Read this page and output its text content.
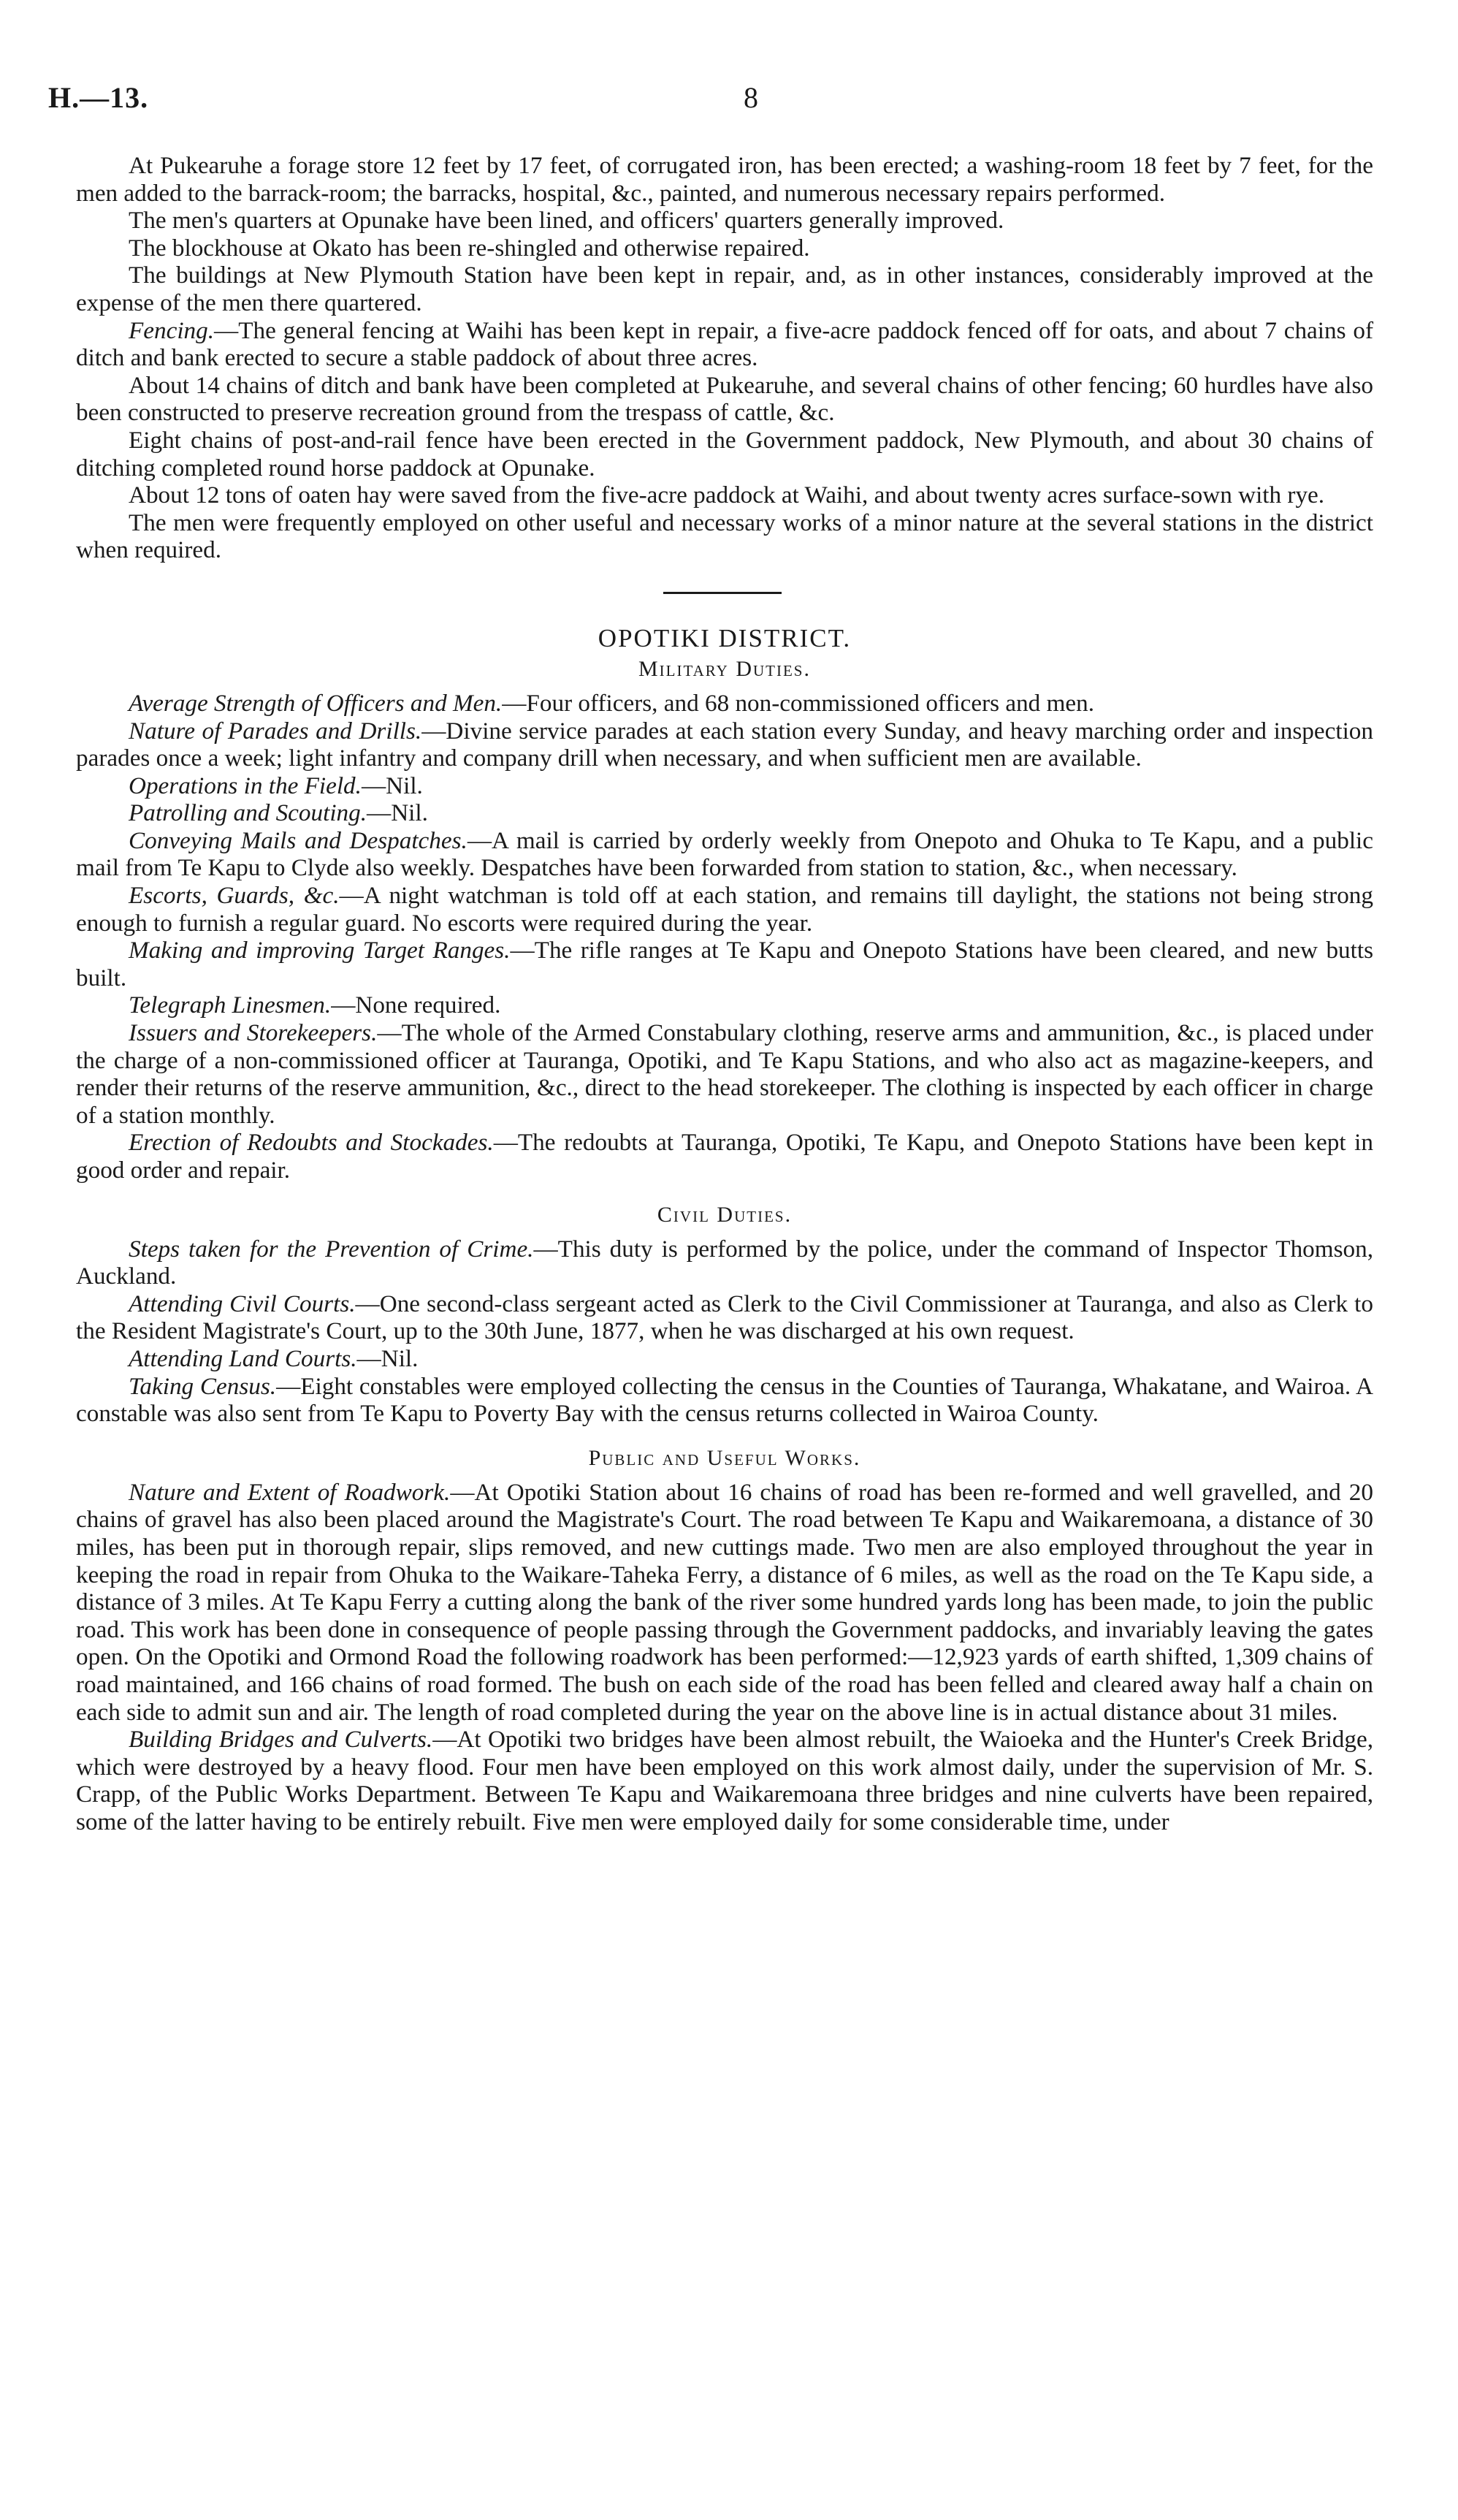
H.—13.	8

At Pukearuhe a forage store 12 feet by 17 feet, of corrugated iron, has been erected; a washing-room 18 feet by 7 feet, for the men added to the barrack-room; the barracks, hospital, &c., painted, and numerous necessary repairs performed.

The men's quarters at Opunake have been lined, and officers' quarters generally improved.

The blockhouse at Okato has been re-shingled and otherwise repaired.

The buildings at New Plymouth Station have been kept in repair, and, as in other instances, considerably improved at the expense of the men there quartered.

Fencing.—The general fencing at Waihi has been kept in repair, a five-acre paddock fenced off for oats, and about 7 chains of ditch and bank erected to secure a stable paddock of about three acres.

About 14 chains of ditch and bank have been completed at Pukearuhe, and several chains of other fencing; 60 hurdles have also been constructed to preserve recreation ground from the trespass of cattle, &c.

Eight chains of post-and-rail fence have been erected in the Government paddock, New Plymouth, and about 30 chains of ditching completed round horse paddock at Opunake.

About 12 tons of oaten hay were saved from the five-acre paddock at Waihi, and about twenty acres surface-sown with rye.

The men were frequently employed on other useful and necessary works of a minor nature at the several stations in the district when required.

OPOTIKI DISTRICT.
Military Duties.

Average Strength of Officers and Men.—Four officers, and 68 non-commissioned officers and men.

Nature of Parades and Drills.—Divine service parades at each station every Sunday, and heavy marching order and inspection parades once a week; light infantry and company drill when necessary, and when sufficient men are available.

Operations in the Field.—Nil.

Patrolling and Scouting.—Nil.

Conveying Mails and Despatches.—A mail is carried by orderly weekly from Onepoto and Ohuka to Te Kapu, and a public mail from Te Kapu to Clyde also weekly. Despatches have been forwarded from station to station, &c., when necessary.

Escorts, Guards, &c.—A night watchman is told off at each station, and remains till daylight, the stations not being strong enough to furnish a regular guard. No escorts were required during the year.

Making and improving Target Ranges.—The rifle ranges at Te Kapu and Onepoto Stations have been cleared, and new butts built.

Telegraph Linesmen.—None required.

Issuers and Storekeepers.—The whole of the Armed Constabulary clothing, reserve arms and ammunition, &c., is placed under the charge of a non-commissioned officer at Tauranga, Opotiki, and Te Kapu Stations, and who also act as magazine-keepers, and render their returns of the reserve ammunition, &c., direct to the head storekeeper. The clothing is inspected by each officer in charge of a station monthly.

Erection of Redoubts and Stockades.—The redoubts at Tauranga, Opotiki, Te Kapu, and Onepoto Stations have been kept in good order and repair.

Civil Duties.

Steps taken for the Prevention of Crime.—This duty is performed by the police, under the command of Inspector Thomson, Auckland.

Attending Civil Courts.—One second-class sergeant acted as Clerk to the Civil Commissioner at Tauranga, and also as Clerk to the Resident Magistrate's Court, up to the 30th June, 1877, when he was discharged at his own request.

Attending Land Courts.—Nil.

Taking Census.—Eight constables were employed collecting the census in the Counties of Tauranga, Whakatane, and Wairoa. A constable was also sent from Te Kapu to Poverty Bay with the census returns collected in Wairoa County.

Public and Useful Works.

Nature and Extent of Roadwork.—At Opotiki Station about 16 chains of road has been re-formed and well gravelled, and 20 chains of gravel has also been placed around the Magistrate's Court. The road between Te Kapu and Waikaremoana, a distance of 30 miles, has been put in thorough repair, slips removed, and new cuttings made. Two men are also employed throughout the year in keeping the road in repair from Ohuka to the Waikare-Taheka Ferry, a distance of 6 miles, as well as the road on the Te Kapu side, a distance of 3 miles. At Te Kapu Ferry a cutting along the bank of the river some hundred yards long has been made, to join the public road. This work has been done in consequence of people passing through the Government paddocks, and invariably leaving the gates open. On the Opotiki and Ormond Road the following roadwork has been performed:—12,923 yards of earth shifted, 1,309 chains of road maintained, and 166 chains of road formed. The bush on each side of the road has been felled and cleared away half a chain on each side to admit sun and air. The length of road completed during the year on the above line is in actual distance about 31 miles.

Building Bridges and Culverts.—At Opotiki two bridges have been almost rebuilt, the Waioeka and the Hunter's Creek Bridge, which were destroyed by a heavy flood. Four men have been employed on this work almost daily, under the supervision of Mr. S. Crapp, of the Public Works Department. Between Te Kapu and Waikaremoana three bridges and nine culverts have been repaired, some of the latter having to be entirely rebuilt. Five men were employed daily for some considerable time, under
